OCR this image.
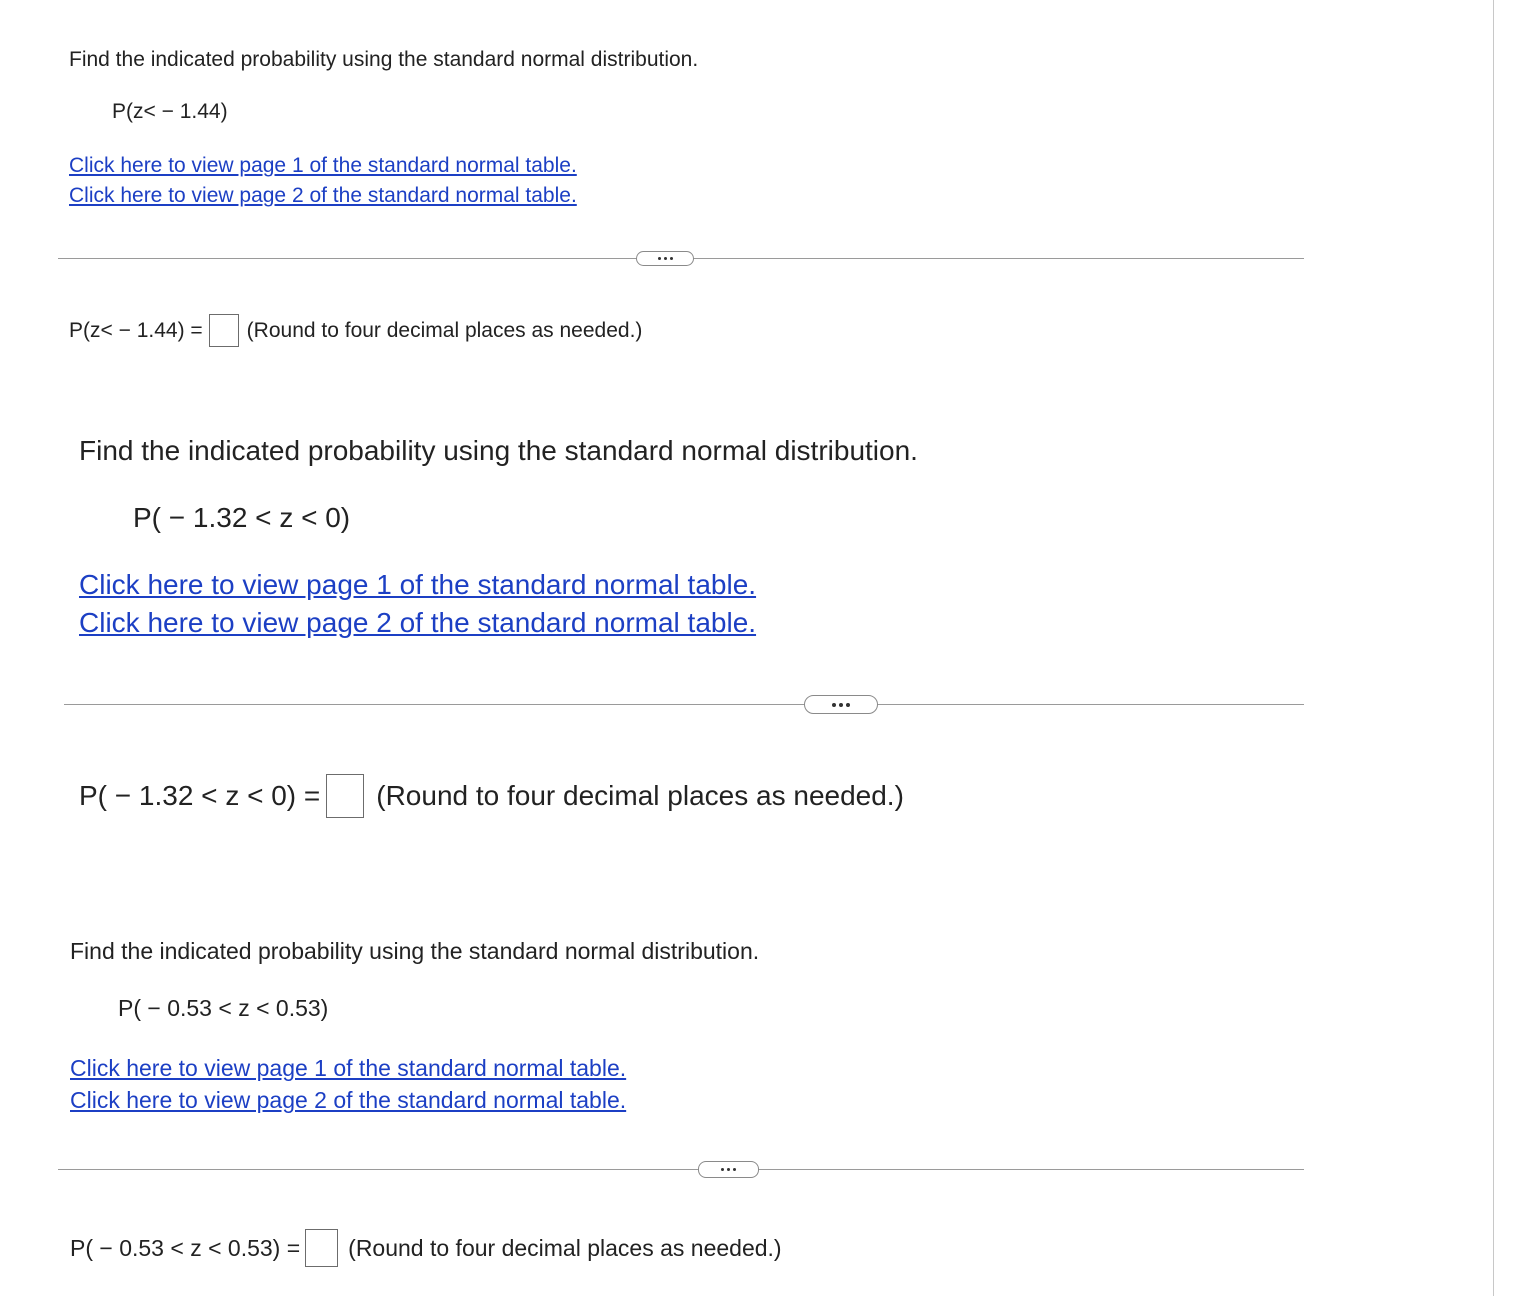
Find the indicated probability using the standard normal distribution.
P(z< − 1.44)
Click here to view page 1 of the standard normal table.
Click here to view page 2 of the standard normal table.
P(z< − 1.44) = (Round to four decimal places as needed.)
Find the indicated probability using the standard normal distribution.
P( − 1.32 < z < 0)
Click here to view page 1 of the standard normal table.
Click here to view page 2 of the standard normal table.
P( − 1.32 < z < 0) = (Round to four decimal places as needed.)
Find the indicated probability using the standard normal distribution.
P( − 0.53 < z < 0.53)
Click here to view page 1 of the standard normal table.
Click here to view page 2 of the standard normal table.
P( − 0.53 < z < 0.53) = (Round to four decimal places as needed.)
